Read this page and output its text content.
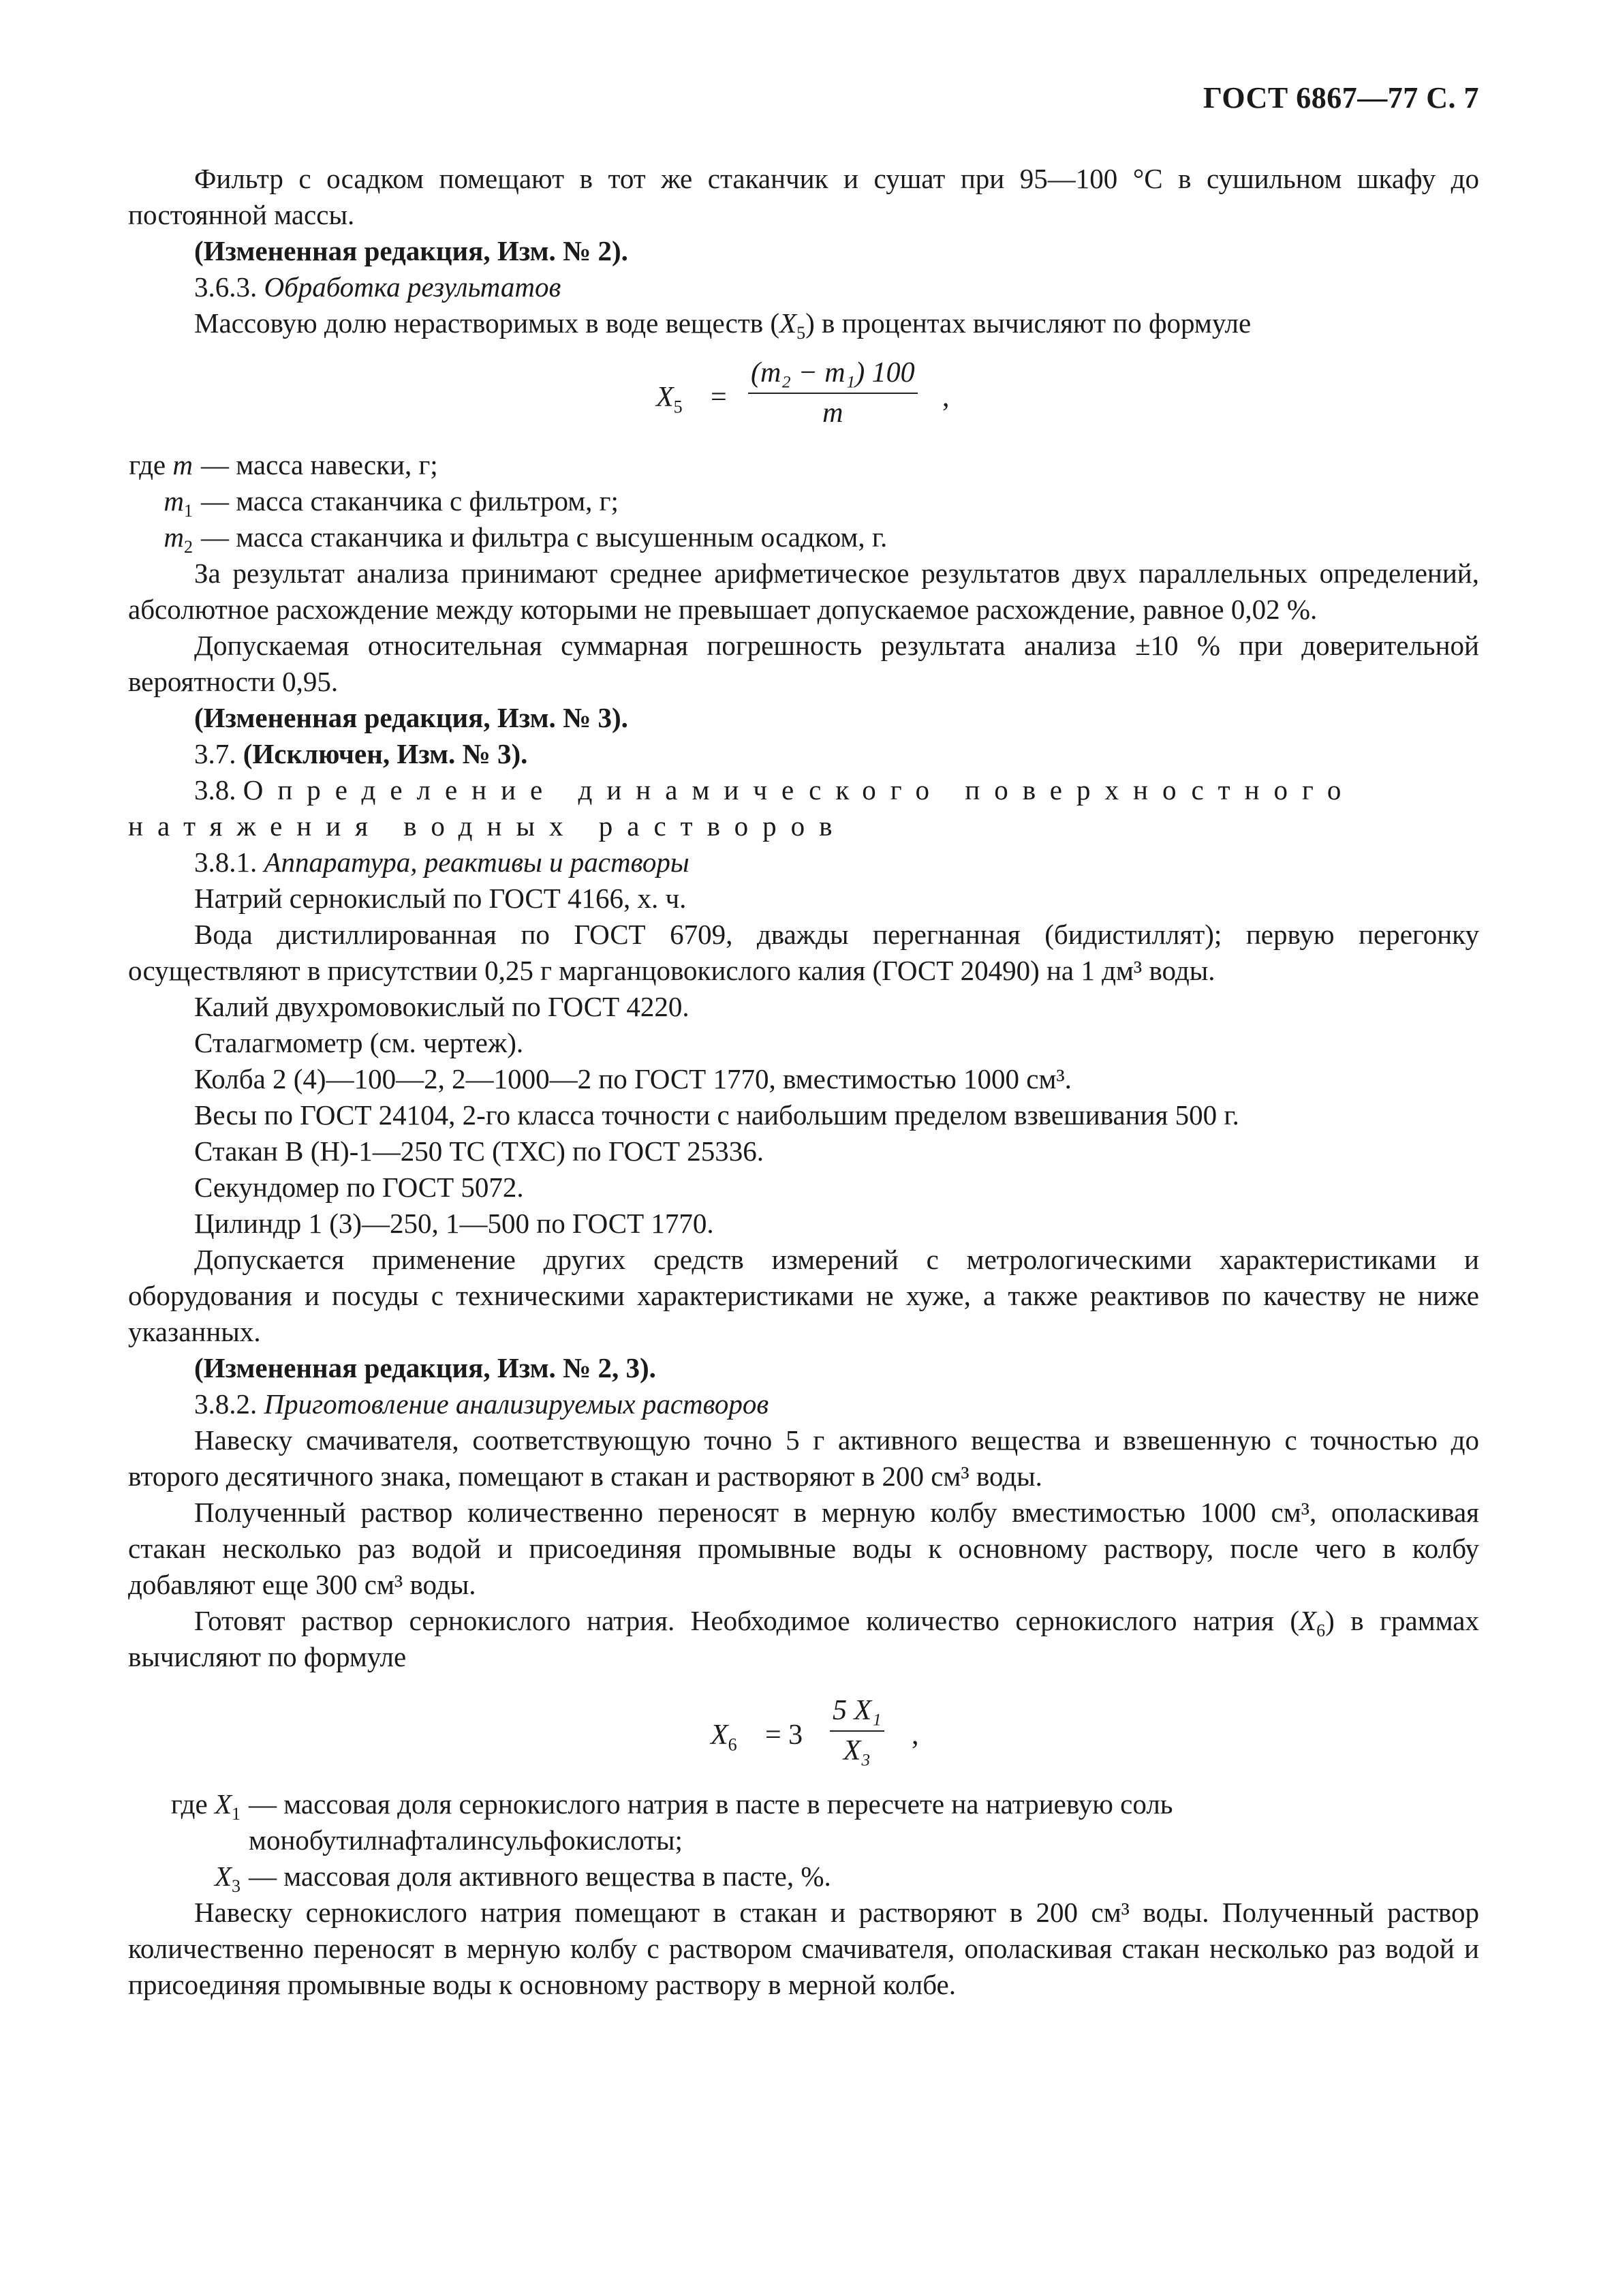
ГОСТ 6867—77 С. 7

Фильтр с осадком помещают в тот же стаканчик и сушат при 95—100 °С в сушильном шкафу до постоянной массы.

(Измененная редакция, Изм. № 2).

3.6.3. Обработка результатов

Массовую долю нерастворимых в воде веществ $(X_5)$ в процентах вычисляют по формуле

$X_5 = \frac{\text{(m₂ − m₁) 100}}{m}$ ,
где m — масса навески, г;
$m_1$ — масса стаканчика с фильтром, г;
$m_2$ — масса стаканчика и фильтра с высушенным осадком, г.

За результат анализа принимают среднее арифметическое результатов двух параллельных определений, абсолютное расхождение между которыми не превышает допускаемое расхождение, равное 0,02 %.

Допускаемая относительная суммарная погрешность результата анализа ±10 % при доверительной вероятности 0,95.

(Измененная редакция, Изм. № 3).

3.7. (Исключен, Изм. № 3).

3.8. Определение динамического поверхностного натяжения водных растворов

3.8.1. Аппаратура, реактивы и растворы

Натрий сернокислый по ГОСТ 4166, х. ч.

Вода дистиллированная по ГОСТ 6709, дважды перегнанная (бидистиллят); первую перегонку осуществляют в присутствии 0,25 г марганцовокислого калия (ГОСТ 20490) на 1 дм³ воды.

Калий двухромовокислый по ГОСТ 4220.

Сталагмометр (см. чертеж).

Колба 2 (4)—100—2, 2—1000—2 по ГОСТ 1770, вместимостью 1000 см³.

Весы по ГОСТ 24104, 2-го класса точности с наибольшим пределом взвешивания 500 г.

Стакан В (Н)-1—250 ТС (ТХС) по ГОСТ 25336.

Секундомер по ГОСТ 5072.

Цилиндр 1 (3)—250, 1—500 по ГОСТ 1770.

Допускается применение других средств измерений с метрологическими характеристиками и оборудования и посуды с техническими характеристиками не хуже, а также реактивов по качеству не ниже указанных.

(Измененная редакция, Изм. № 2, 3).

3.8.2. Приготовление анализируемых растворов

Навеску смачивателя, соответствующую точно 5 г активного вещества и взвешенную с точностью до второго десятичного знака, помещают в стакан и растворяют в 200 см³ воды.

Полученный раствор количественно переносят в мерную колбу вместимостью 1000 см³, ополаскивая стакан несколько раз водой и присоединяя промывные воды к основному раствору, после чего в колбу добавляют еще 300 см³ воды.

Готовят раствор сернокислого натрия. Необходимое количество сернокислого натрия $(X_6)$ в граммах вычисляют по формуле

$X_6 = 3 \frac{\text{5 X₁}}{\text{X₃}}$ ,
где $X_1$ — массовая доля сернокислого натрия в пасте в пересчете на натриевую соль монобутилнафталинсульфокислоты;
$X_3$ — массовая доля активного вещества в пасте, %.

Навеску сернокислого натрия помещают в стакан и растворяют в 200 см³ воды. Полученный раствор количественно переносят в мерную колбу с раствором смачивателя, ополаскивая стакан несколько раз водой и присоединяя промывные воды к основному раствору в мерной колбе.
